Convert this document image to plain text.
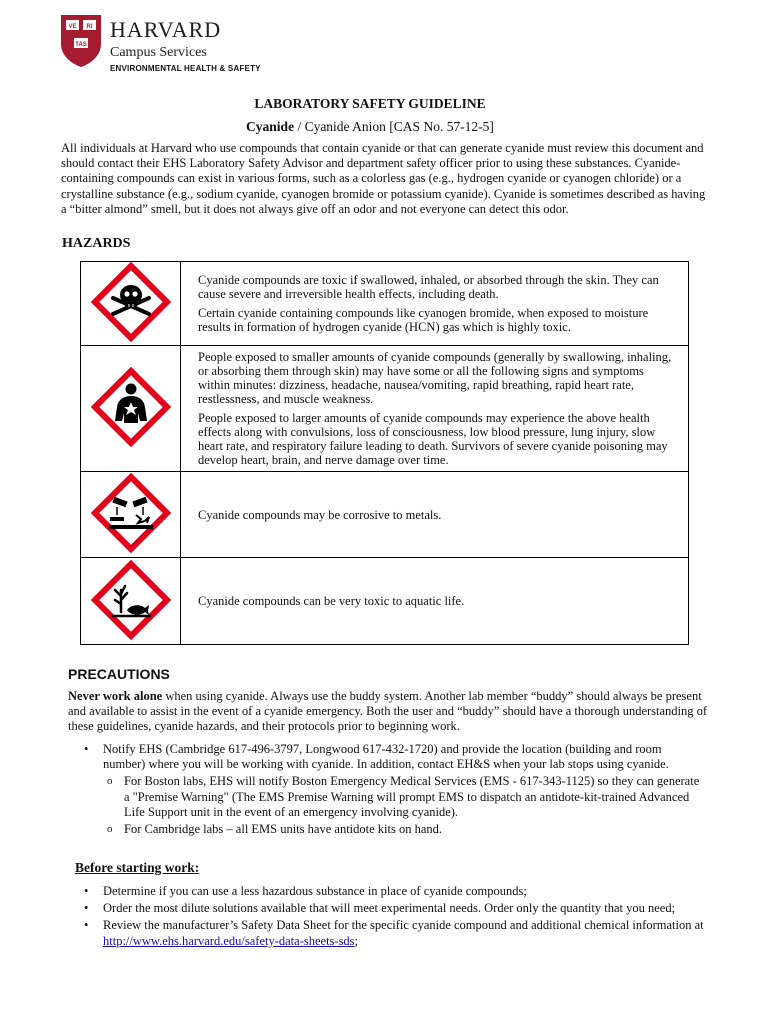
VE RI
TAS
HARVARD
Campus Services
ENVIRONMENTAL HEALTH & SAFETY
LABORATORY SAFETY GUIDELINE
Cyanide / Cyanide Anion [CAS No. 57-12-5]
All individuals at Harvard who use compounds that contain cyanide or that can generate cyanide must review this document and should contact their EHS Laboratory Safety Advisor and department safety officer prior to using these substances. Cyanide-containing compounds can exist in various forms, such as a colorless gas (e.g., hydrogen cyanide or cyanogen chloride) or a crystalline substance (e.g., sodium cyanide, cyanogen bromide or potassium cyanide). Cyanide is sometimes described as having a “bitter almond” smell, but it does not always give off an odor and not everyone can detect this odor.
HAZARDS

Cyanide compounds are toxic if swallowed, inhaled, or absorbed through the skin. They can cause severe and irreversible health effects, including death.

Certain cyanide containing compounds like cyanogen bromide, when exposed to moisture results in formation of hydrogen cyanide (HCN) gas which is highly toxic.

People exposed to smaller amounts of cyanide compounds (generally by swallowing, inhaling, or absorbing them through skin) may have some or all the following signs and symptoms within minutes: dizziness, headache, nausea/vomiting, rapid breathing, rapid heart rate, restlessness, and muscle weakness.

People exposed to larger amounts of cyanide compounds may experience the above health effects along with convulsions, loss of consciousness, low blood pressure, lung injury, slow heart rate, and respiratory failure leading to death. Survivors of severe cyanide poisoning may develop heart, brain, and nerve damage over time.

Cyanide compounds may be corrosive to metals.

Cyanide compounds can be very toxic to aquatic life.

PRECAUTIONS
Never work alone when using cyanide. Always use the buddy system. Another lab member “buddy” should always be present and available to assist in the event of a cyanide emergency. Both the user and “buddy” should have a thorough understanding of these guidelines, cyanide hazards, and their protocols prior to beginning work.
• Notify EHS (Cambridge 617-496-3797, Longwood 617-432-1720) and provide the location (building and room number) where you will be working with cyanide. In addition, contact EH&S when your lab stops using cyanide.
o For Boston labs, EHS will notify Boston Emergency Medical Services (EMS - 617-343-1125) so they can generate a "Premise Warning" (The EMS Premise Warning will prompt EMS to dispatch an antidote-kit-trained Advanced Life Support unit in the event of an emergency involving cyanide).
o For Cambridge labs – all EMS units have antidote kits on hand.
Before starting work:
• Determine if you can use a less hazardous substance in place of cyanide compounds;
• Order the most dilute solutions available that will meet experimental needs. Order only the quantity that you need;
• Review the manufacturer’s Safety Data Sheet for the specific cyanide compound and additional chemical information at http://www.ehs.harvard.edu/safety-data-sheets-sds;
